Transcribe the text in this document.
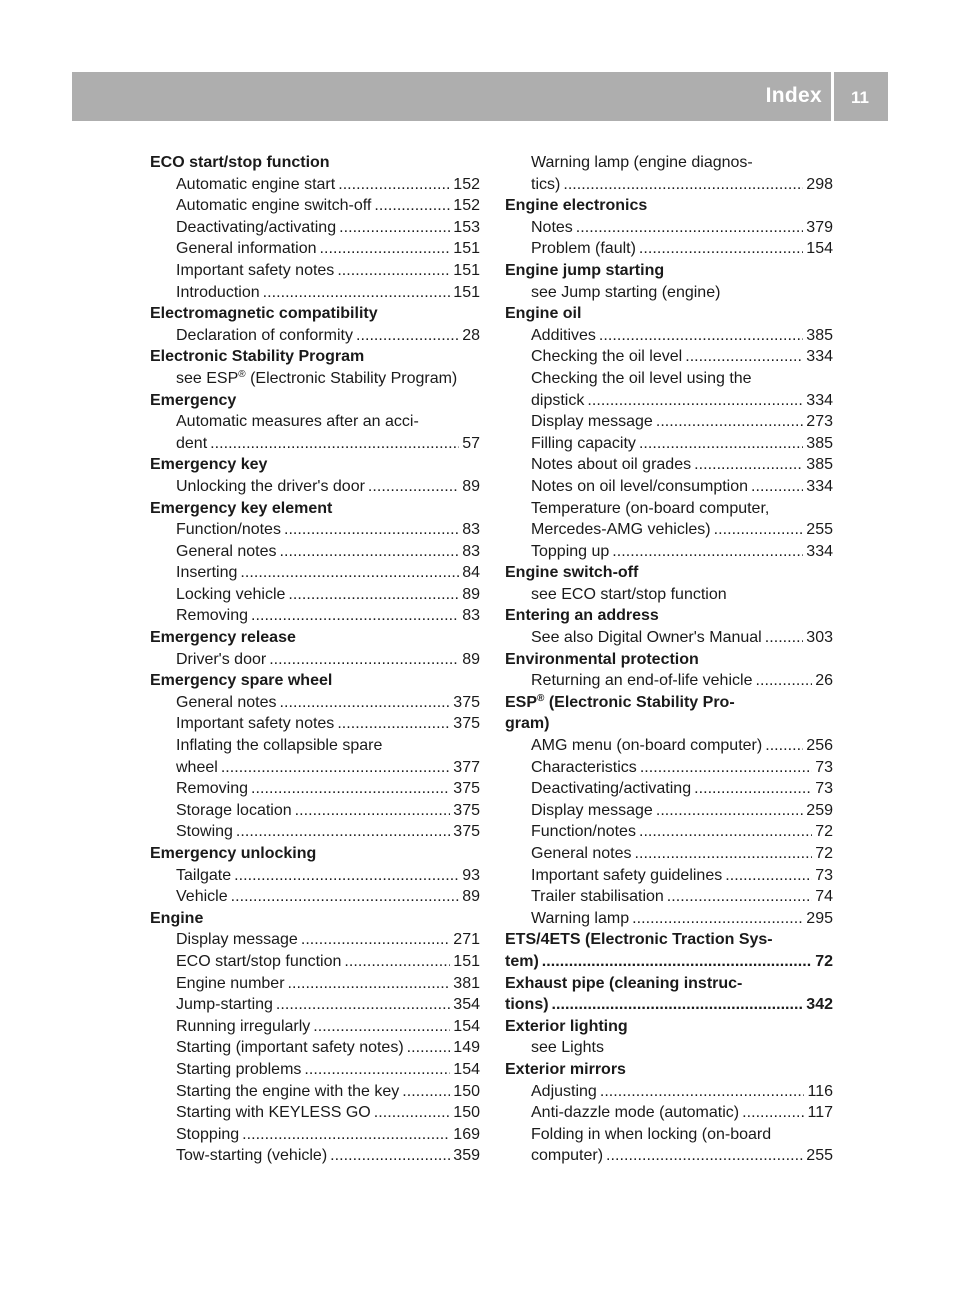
Index	11
ECO start/stop function
Automatic engine start . . .	152
Automatic engine switch-off . . .	152
Deactivating/activating . . .	153
General information . . .	151
Important safety notes . . .	151
Introduction . . .	151
Electromagnetic compatibility
Declaration of conformity . . .	28
Electronic Stability Program
see ESP® (Electronic Stability Program)
Emergency
Automatic measures after an acci-
dent . . .	57
Emergency key
Unlocking the driver's door . . .	89
Emergency key element
Function/notes . . .	83
General notes . . .	83
Inserting . . .	84
Locking vehicle . . .	89
Removing . . .	83
Emergency release
Driver's door . . .	89
Emergency spare wheel
General notes . . .	375
Important safety notes . . .	375
Inflating the collapsible spare
wheel . . .	377
Removing . . .	375
Storage location . . .	375
Stowing . . .	375
Emergency unlocking
Tailgate . . .	93
Vehicle . . .	89
Engine
Display message . . .	271
ECO start/stop function . . .	151
Engine number . . .	381
Jump-starting . . .	354
Running irregularly . . .	154
Starting (important safety notes) . . .	149
Starting problems . . .	154
Starting the engine with the key . . .	150
Starting with KEYLESS GO . . .	150
Stopping . . .	169
Tow-starting (vehicle) . . .	359
Warning lamp (engine diagnos-
tics) . . .	298
Engine electronics
Notes . . .	379
Problem (fault) . . .	154
Engine jump starting
see Jump starting (engine)
Engine oil
Additives . . .	385
Checking the oil level . . .	334
Checking the oil level using the
dipstick . . .	334
Display message . . .	273
Filling capacity . . .	385
Notes about oil grades . . .	385
Notes on oil level/consumption . . .	334
Temperature (on-board computer,
Mercedes-AMG vehicles) . . .	255
Topping up . . .	334
Engine switch-off
see ECO start/stop function
Entering an address
See also Digital Owner's Manual . . .	303
Environmental protection
Returning an end-of-life vehicle . . .	26
ESP® (Electronic Stability Pro-
gram)
AMG menu (on-board computer) . . .	256
Characteristics . . .	73
Deactivating/activating . . .	73
Display message . . .	259
Function/notes . . .	72
General notes . . .	72
Important safety guidelines . . .	73
Trailer stabilisation . . .	74
Warning lamp . . .	295
ETS/4ETS (Electronic Traction Sys-
tem) . . .	72
Exhaust pipe (cleaning instruc-
tions) . . .	342
Exterior lighting
see Lights
Exterior mirrors
Adjusting . . .	116
Anti-dazzle mode (automatic) . . .	117
Folding in when locking (on-board
computer) . . .	255
